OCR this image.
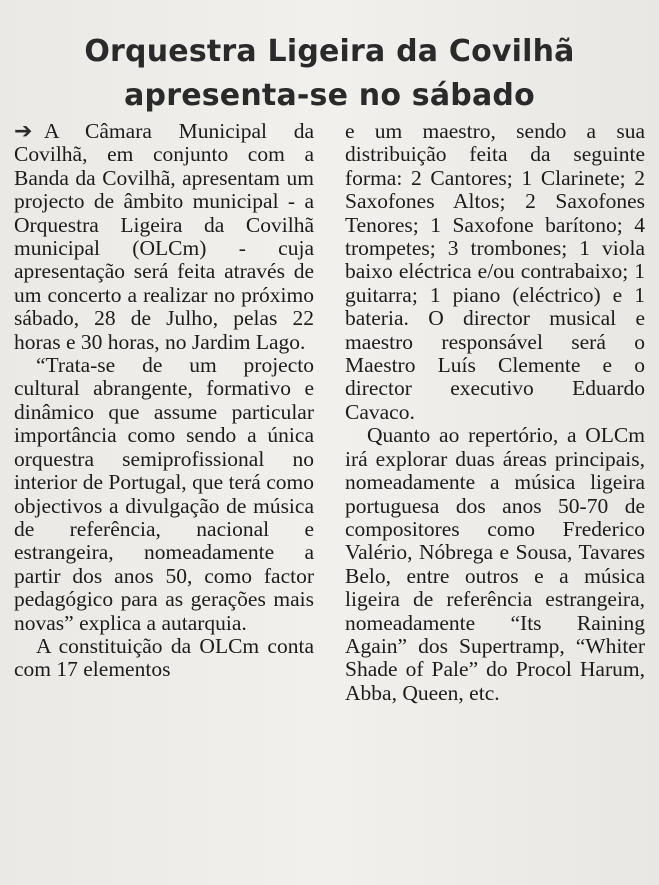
Orquestra Ligeira da Covilhã
apresenta-se no sábado

➔ A Câmara Municipal da Covilhã, em conjunto com a Banda da Covilhã, apresentam um projecto de âmbito municipal - a Orquestra Ligeira da Covilhã municipal (OLCm) - cuja apresentação será feita através de um concerto a realizar no próximo sábado, 28 de Julho, pelas 22 horas e 30 horas, no Jardim Lago.

“Trata-se de um projecto cultural abrangente, formativo e dinâmico que assume particular importância como sendo a única orquestra semiprofissional no interior de Portugal, que terá como objectivos a divulgação de música de referência, nacional e estrangeira, nomeadamente a partir dos anos 50, como factor pedagógico para as gerações mais novas” explica a autarquia.

A constituição da OLCm conta com 17 elementos

e um maestro, sendo a sua distribuição feita da seguinte forma: 2 Cantores; 1 Clarinete; 2 Saxofones Altos; 2 Saxofones Tenores; 1 Saxofone barítono; 4 trompetes; 3 trombones; 1 viola baixo eléctrica e/ou contrabaixo; 1 guitarra; 1 piano (eléctrico) e 1 bateria. O director musical e maestro responsável será o Maestro Luís Clemente e o director executivo Eduardo Cavaco.

Quanto ao repertório, a OLCm irá explorar duas áreas principais, nomeadamente a música ligeira portuguesa dos anos 50-70 de compositores como Frederico Valério, Nóbrega e Sousa, Tavares Belo, entre outros e a música ligeira de referência estrangeira, nomeadamente “Its Raining Again” dos Supertramp, “Whiter Shade of Pale” do Procol Harum, Abba, Queen, etc.
